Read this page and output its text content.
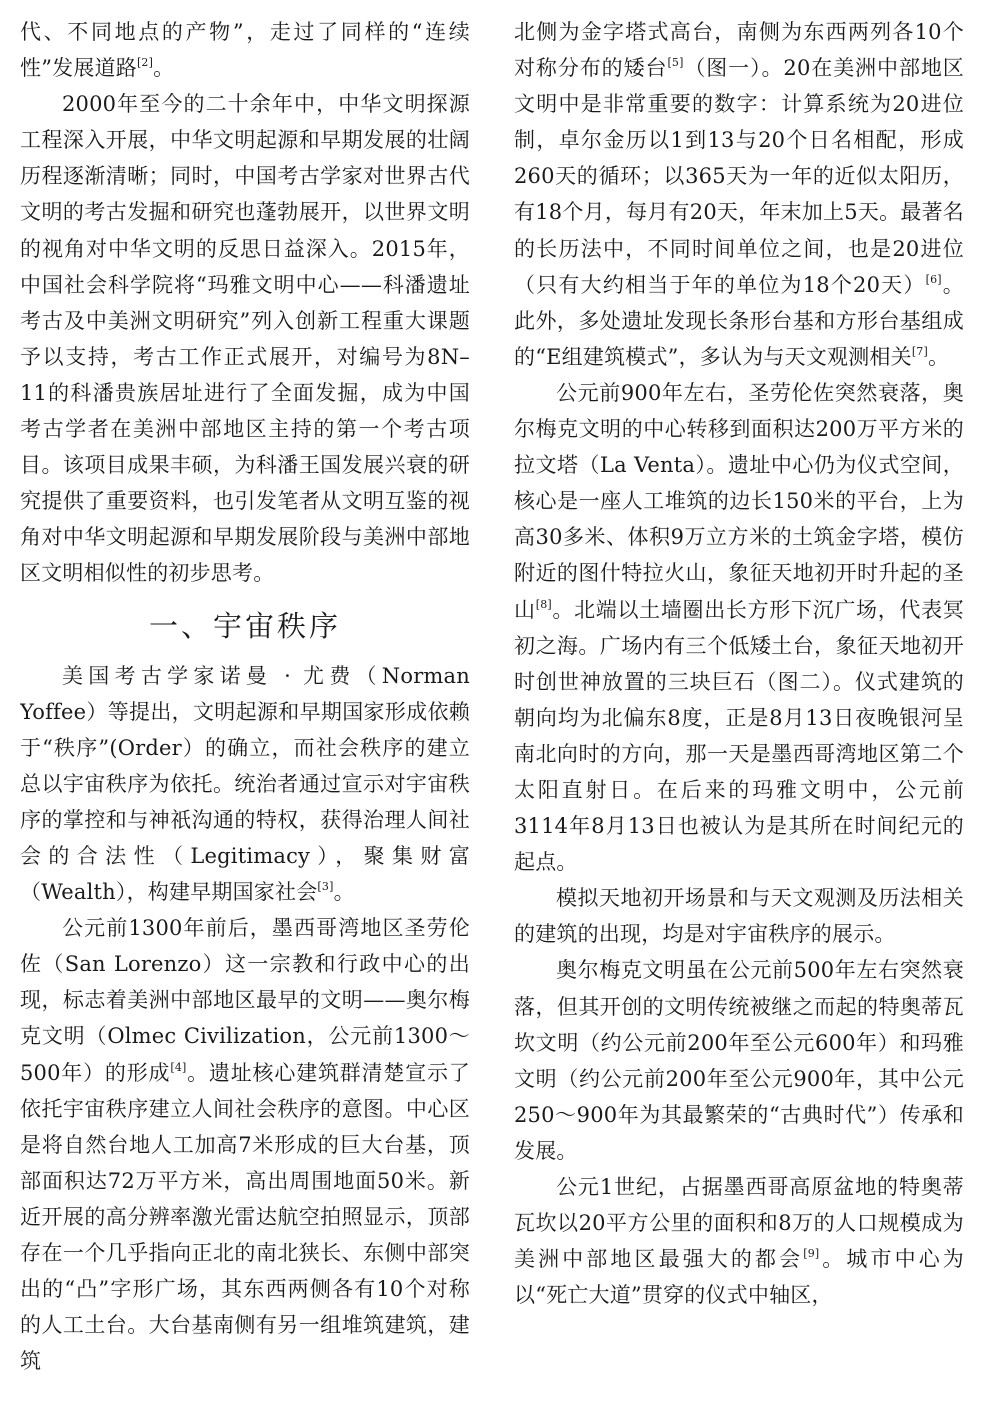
代、不同地点的产物”，走过了同样的“连续性”发展道路[2]。

2000年至今的二十余年中，中华文明探源工程深入开展，中华文明起源和早期发展的壮阔历程逐渐清晰；同时，中国考古学家对世界古代文明的考古发掘和研究也蓬勃展开，以世界文明的视角对中华文明的反思日益深入。2015年，中国社会科学院将“玛雅文明中心——科潘遗址考古及中美洲文明研究”列入创新工程重大课题予以支持，考古工作正式展开，对编号为8N–11的科潘贵族居址进行了全面发掘，成为中国考古学者在美洲中部地区主持的第一个考古项目。该项目成果丰硕，为科潘王国发展兴衰的研究提供了重要资料，也引发笔者从文明互鉴的视角对中华文明起源和早期发展阶段与美洲中部地区文明相似性的初步思考。

一、宇宙秩序

美国考古学家诺曼 · 尤费（Norman Yoffee）等提出，文明起源和早期国家形成依赖于“秩序”(Order）的确立，而社会秩序的建立总以宇宙秩序为依托。统治者通过宣示对宇宙秩序的掌控和与神祇沟通的特权，获得治理人间社会的合法性（Legitimacy），聚集财富（Wealth），构建早期国家社会[3]。

公元前1300年前后，墨西哥湾地区圣劳伦佐（San Lorenzo）这一宗教和行政中心的出现，标志着美洲中部地区最早的文明——奥尔梅克文明（Olmec Civilization，公元前1300～500年）的形成[4]。遗址核心建筑群清楚宣示了依托宇宙秩序建立人间社会秩序的意图。中心区是将自然台地人工加高7米形成的巨大台基，顶部面积达72万平方米，高出周围地面50米。新近开展的高分辨率激光雷达航空拍照显示，顶部存在一个几乎指向正北的南北狭长、东侧中部突出的“凸”字形广场，其东西两侧各有10个对称的人工土台。大台基南侧有另一组堆筑建筑，建筑

北侧为金字塔式高台，南侧为东西两列各10个对称分布的矮台[5]（图一）。20在美洲中部地区文明中是非常重要的数字：计算系统为20进位制，卓尔金历以1到13与20个日名相配，形成260天的循环；以365天为一年的近似太阳历，有18个月，每月有20天，年末加上5天。最著名的长历法中，不同时间单位之间，也是20进位（只有大约相当于年的单位为18个20天）[6]。此外，多处遗址发现长条形台基和方形台基组成的“E组建筑模式”，多认为与天文观测相关[7]。

公元前900年左右，圣劳伦佐突然衰落，奥尔梅克文明的中心转移到面积达200万平方米的拉文塔（La Venta）。遗址中心仍为仪式空间，核心是一座人工堆筑的边长150米的平台，上为高30多米、体积9万立方米的土筑金字塔，模仿附近的图什特拉火山，象征天地初开时升起的圣山[8]。北端以土墙圈出长方形下沉广场，代表冥初之海。广场内有三个低矮土台，象征天地初开时创世神放置的三块巨石（图二）。仪式建筑的朝向均为北偏东8度，正是8月13日夜晚银河呈南北向时的方向，那一天是墨西哥湾地区第二个太阳直射日。在后来的玛雅文明中，公元前3114年8月13日也被认为是其所在时间纪元的起点。

模拟天地初开场景和与天文观测及历法相关的建筑的出现，均是对宇宙秩序的展示。

奥尔梅克文明虽在公元前500年左右突然衰落，但其开创的文明传统被继之而起的特奥蒂瓦坎文明（约公元前200年至公元600年）和玛雅文明（约公元前200年至公元900年，其中公元250～900年为其最繁荣的“古典时代”）传承和发展。

公元1世纪，占据墨西哥高原盆地的特奥蒂瓦坎以20平方公里的面积和8万的人口规模成为美洲中部地区最强大的都会[9]。城市中心为以“死亡大道”贯穿的仪式中轴区，
